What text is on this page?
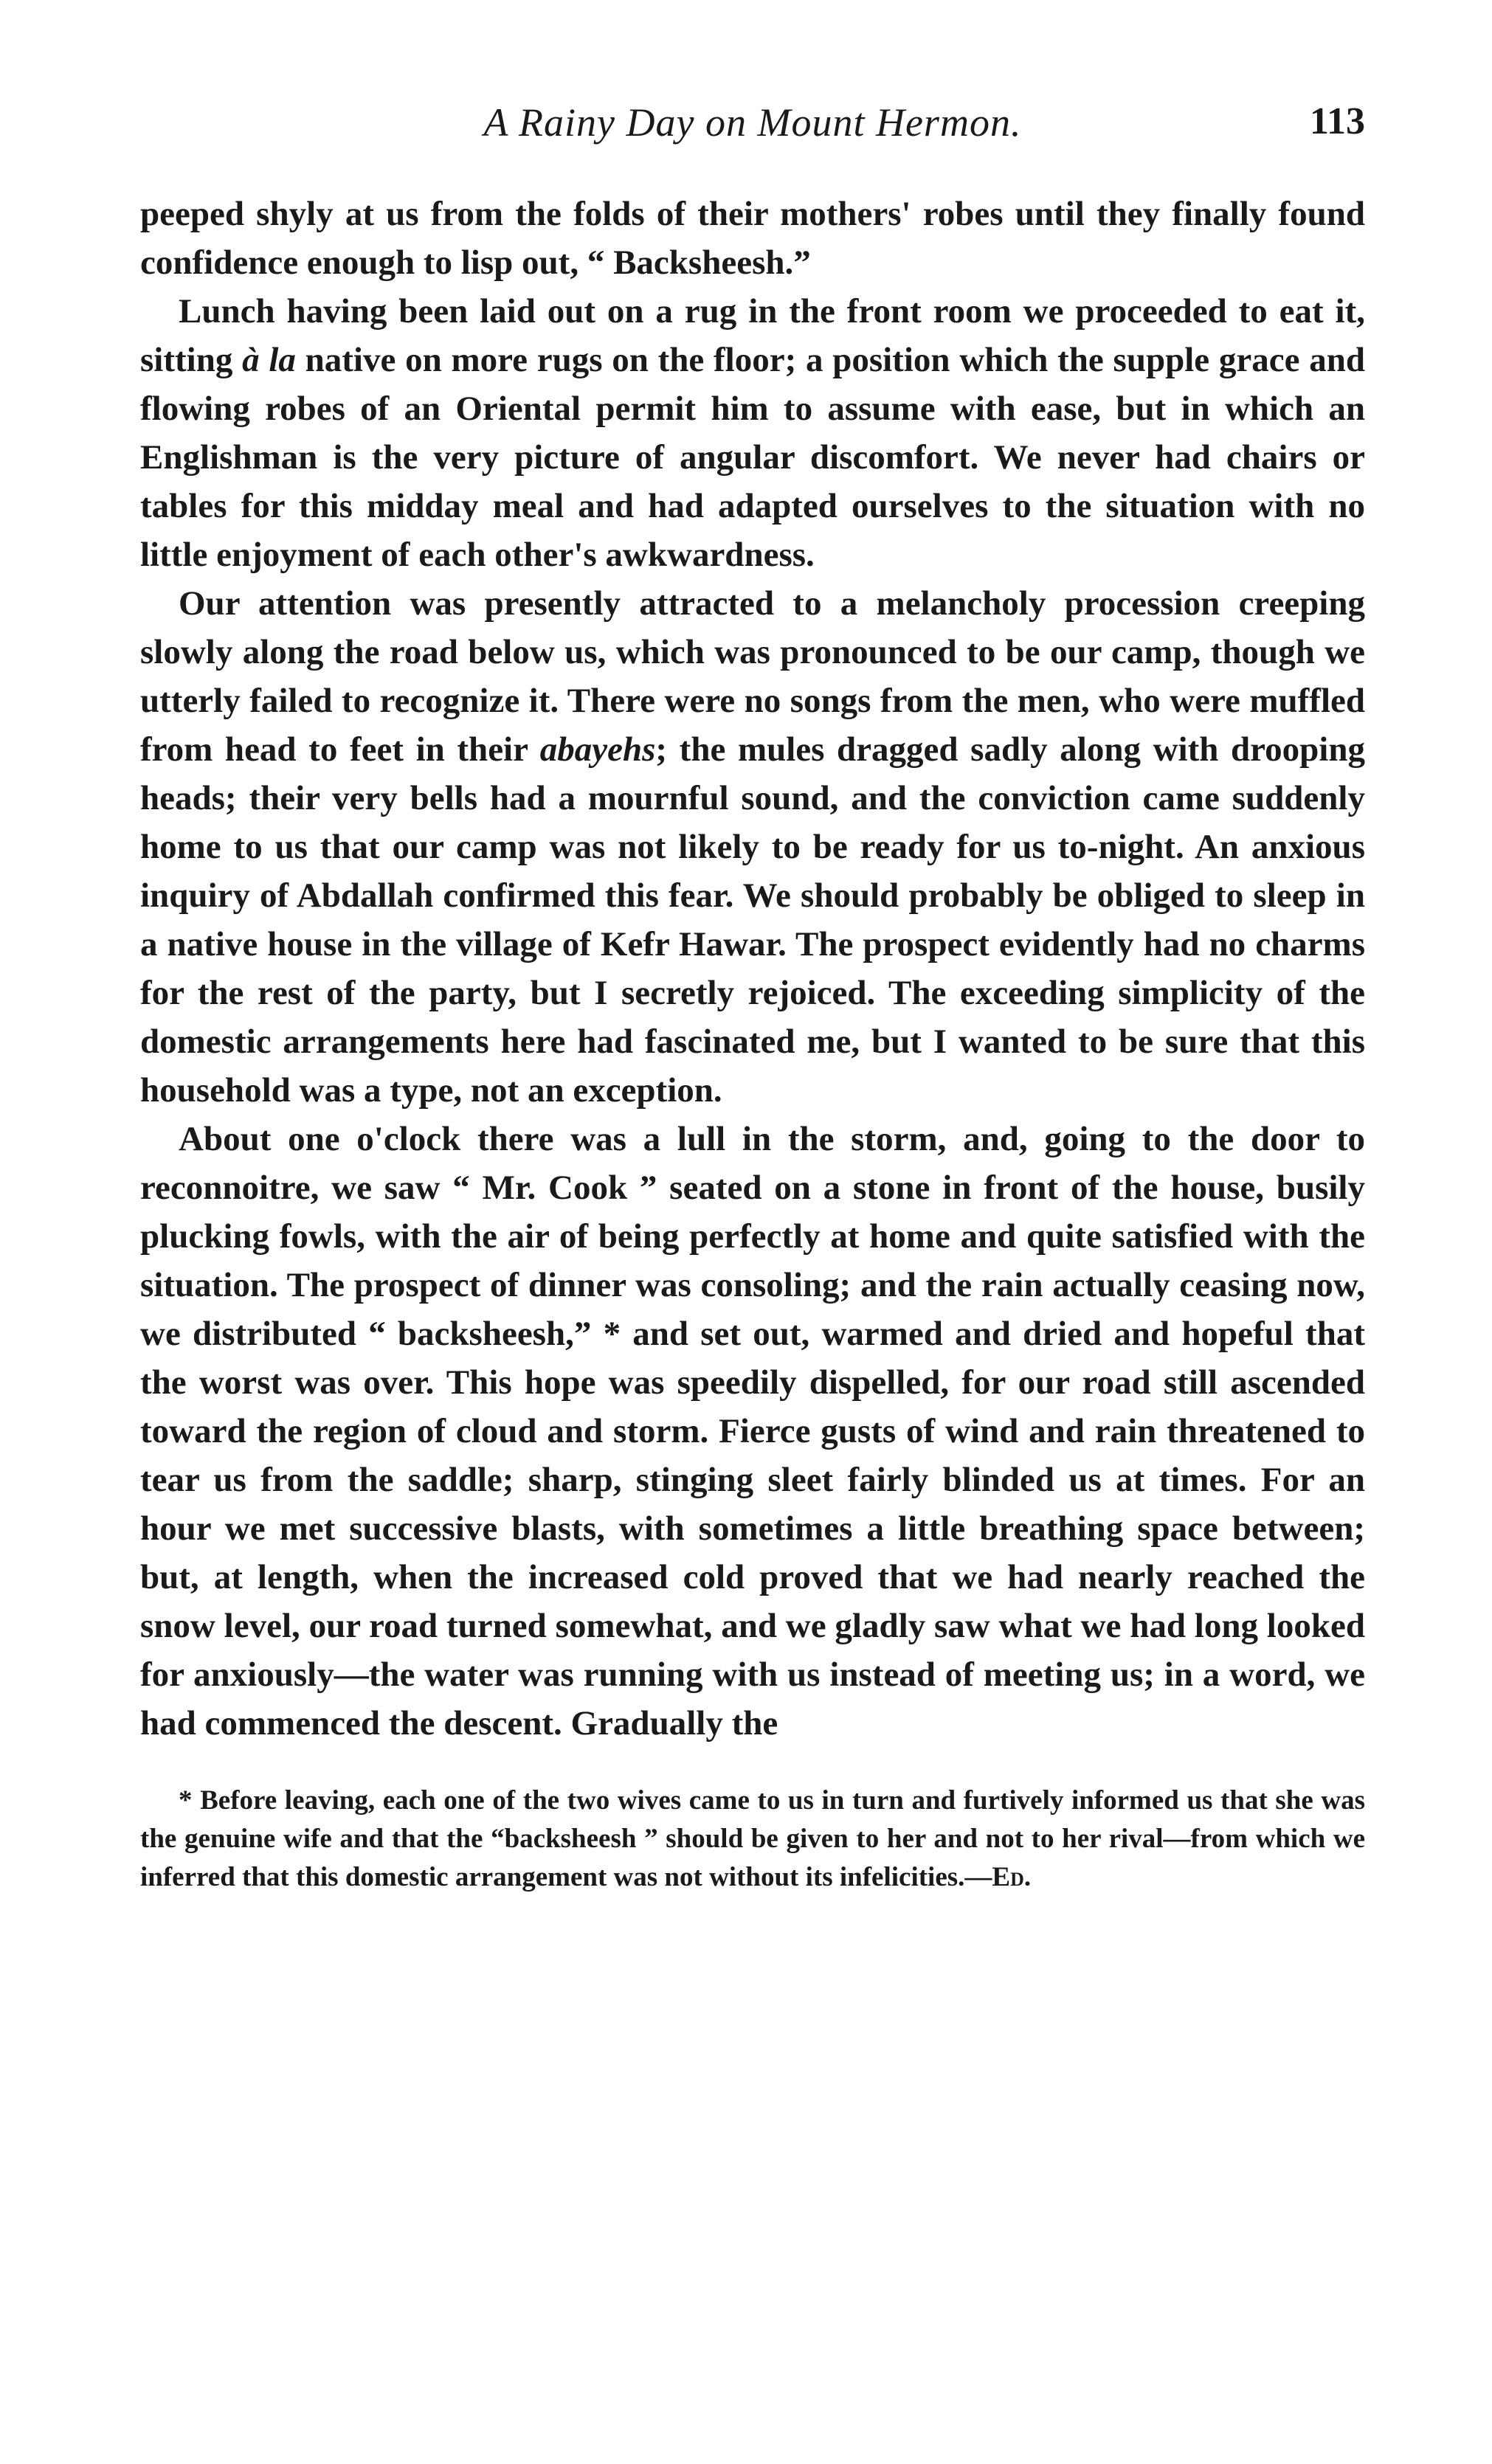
A Rainy Day on Mount Hermon.	113

peeped shyly at us from the folds of their mothers' robes until they finally found confidence enough to lisp out, “ Backsheesh.”

Lunch having been laid out on a rug in the front room we proceeded to eat it, sitting à la native on more rugs on the floor; a position which the supple grace and flowing robes of an Oriental permit him to assume with ease, but in which an Englishman is the very picture of angular discomfort. We never had chairs or tables for this midday meal and had adapted ourselves to the situation with no little enjoyment of each other's awkwardness.

Our attention was presently attracted to a melancholy procession creeping slowly along the road below us, which was pronounced to be our camp, though we utterly failed to recognize it. There were no songs from the men, who were muffled from head to feet in their abayehs; the mules dragged sadly along with drooping heads; their very bells had a mournful sound, and the conviction came suddenly home to us that our camp was not likely to be ready for us to-night. An anxious inquiry of Abdallah confirmed this fear. We should probably be obliged to sleep in a native house in the village of Kefr Hawar. The prospect evidently had no charms for the rest of the party, but I secretly rejoiced. The exceeding simplicity of the domestic arrangements here had fascinated me, but I wanted to be sure that this household was a type, not an exception.

About one o'clock there was a lull in the storm, and, going to the door to reconnoitre, we saw “ Mr. Cook ” seated on a stone in front of the house, busily plucking fowls, with the air of being perfectly at home and quite satisfied with the situation. The prospect of dinner was consoling; and the rain actually ceasing now, we distributed “ backsheesh,” * and set out, warmed and dried and hopeful that the worst was over. This hope was speedily dispelled, for our road still ascended toward the region of cloud and storm. Fierce gusts of wind and rain threatened to tear us from the saddle; sharp, stinging sleet fairly blinded us at times. For an hour we met successive blasts, with sometimes a little breathing space between; but, at length, when the increased cold proved that we had nearly reached the snow level, our road turned somewhat, and we gladly saw what we had long looked for anxiously—the water was running with us instead of meeting us; in a word, we had commenced the descent. Gradually the

* Before leaving, each one of the two wives came to us in turn and furtively informed us that she was the genuine wife and that the “backsheesh ” should be given to her and not to her rival—from which we inferred that this domestic arrangement was not without its infelicities.—Ed.
